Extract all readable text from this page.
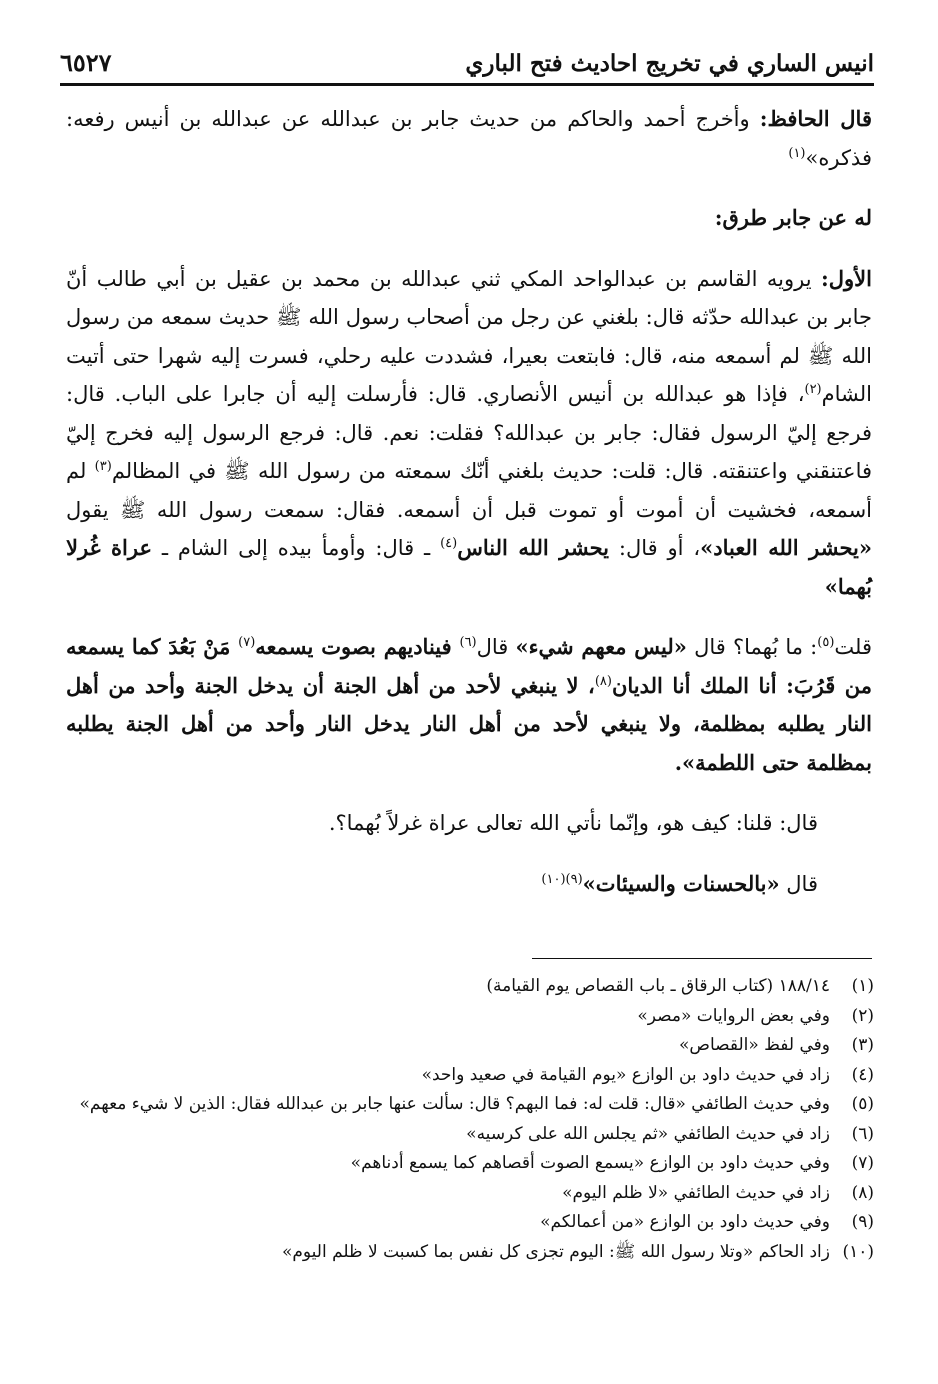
انيس الساري في تخريج احاديث فتح الباري
٦٥٢٧

قال الحافظ: وأخرج أحمد والحاكم من حديث جابر بن عبدالله عن عبدالله بن أنيس رفعه: فذكره»$^{(١)}$

له عن جابر طرق:

الأول: يرويه القاسم بن عبدالواحد المكي ثني عبدالله بن محمد بن عقيل بن أبي طالب أنّ جابر بن عبدالله حدّثه قال: بلغني عن رجل من أصحاب رسول الله ﷺ حديث سمعه من رسول الله ﷺ لم أسمعه منه، قال: فابتعت بعيرا، فشددت عليه رحلي، فسرت إليه شهرا حتى أتيت الشام$^{(٢)}$، فإذا هو عبدالله بن أنيس الأنصاري. قال: فأرسلت إليه أن جابرا على الباب. قال: فرجع إليّ الرسول فقال: جابر بن عبدالله؟ فقلت: نعم. قال: فرجع الرسول إليه فخرج إليّ فاعتنقني واعتنقته. قال: قلت: حديث بلغني أنّك سمعته من رسول الله ﷺ في المظالم$^{(٣)}$ لم أسمعه، فخشيت أن أموت أو تموت قبل أن أسمعه. فقال: سمعت رسول الله ﷺ يقول «يحشر الله العباد»، أو قال: يحشر الله الناس$^{(٤)}$ ـ قال: وأومأ بيده إلى الشام ـ عراة غُرلا بُهما»

قلت$^{(٥)}$: ما بُهما؟ قال «ليس معهم شيء» قال$^{(٦)}$ فيناديهم بصوت يسمعه$^{(٧)}$ مَنْ بَعُدَ كما يسمعه من قَرُبَ: أنا الملك أنا الديان$^{(٨)}$، لا ينبغي لأحد من أهل الجنة أن يدخل الجنة وأحد من أهل النار يطلبه بمظلمة، ولا ينبغي لأحد من أهل النار يدخل النار وأحد من أهل الجنة يطلبه بمظلمة حتى اللطمة».

قال: قلنا: كيف هو، وإنّما نأتي الله تعالى عراة غرلاً بُهما؟.

قال «بالحسنات والسيئات»$^{(٩)(١٠)}$

(١)
١٨٨/١٤ (كتاب الرقاق ـ باب القصاص يوم القيامة)
(٢)
وفي بعض الروايات «مصر»
(٣)
وفي لفظ «القصاص»
(٤)
زاد في حديث داود بن الوازع «يوم القيامة في صعيد واحد»
(٥)
وفي حديث الطائفي «قال: قلت له: فما البهم؟ قال: سألت عنها جابر بن عبدالله فقال: الذين لا شيء معهم»
(٦)
زاد في حديث الطائفي «ثم يجلس الله على كرسيه»
(٧)
وفي حديث داود بن الوازع «يسمع الصوت أقصاهم كما يسمع أدناهم»
(٨)
زاد في حديث الطائفي «لا ظلم اليوم»
(٩)
وفي حديث داود بن الوازع «من أعمالكم»
(١٠)
زاد الحاكم «وتلا رسول الله ﷺ: اليوم تجزى كل نفس بما كسبت لا ظلم اليوم»
